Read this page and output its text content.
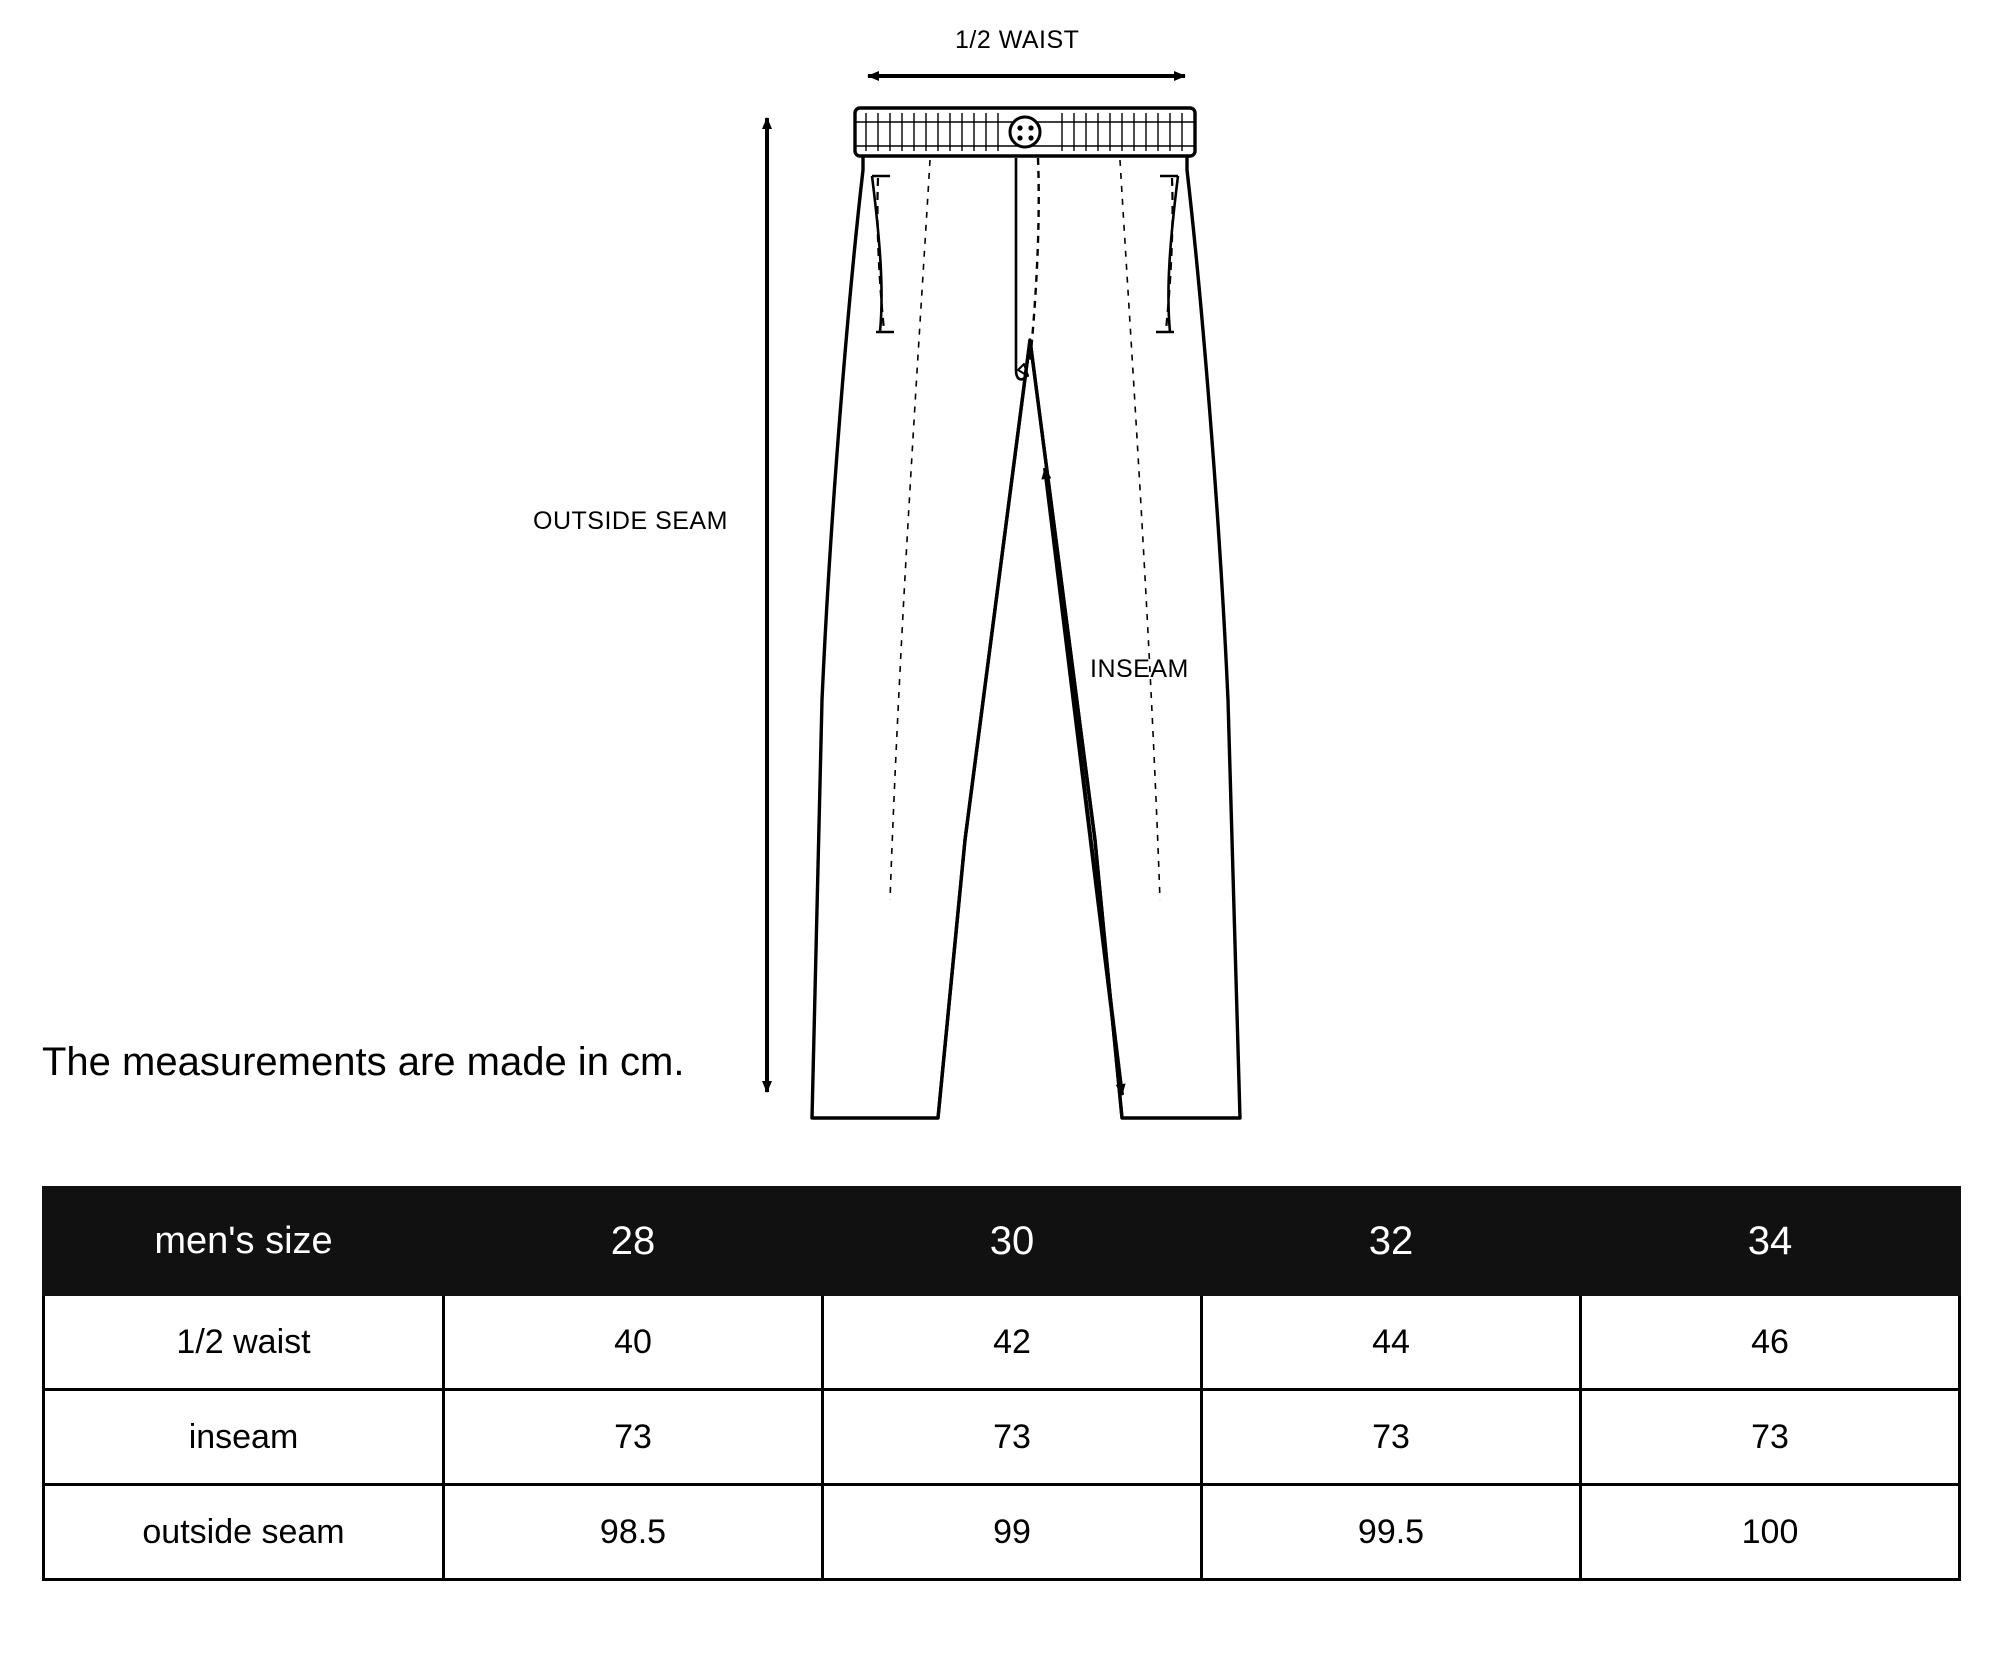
1/2 WAIST
OUTSIDE SEAM
INSEAM
The measurements are made in cm.
men's size	28	30	32	34
1/2 waist	40	42	44	46
inseam	73	73	73	73
outside seam	98.5	99	99.5	100
